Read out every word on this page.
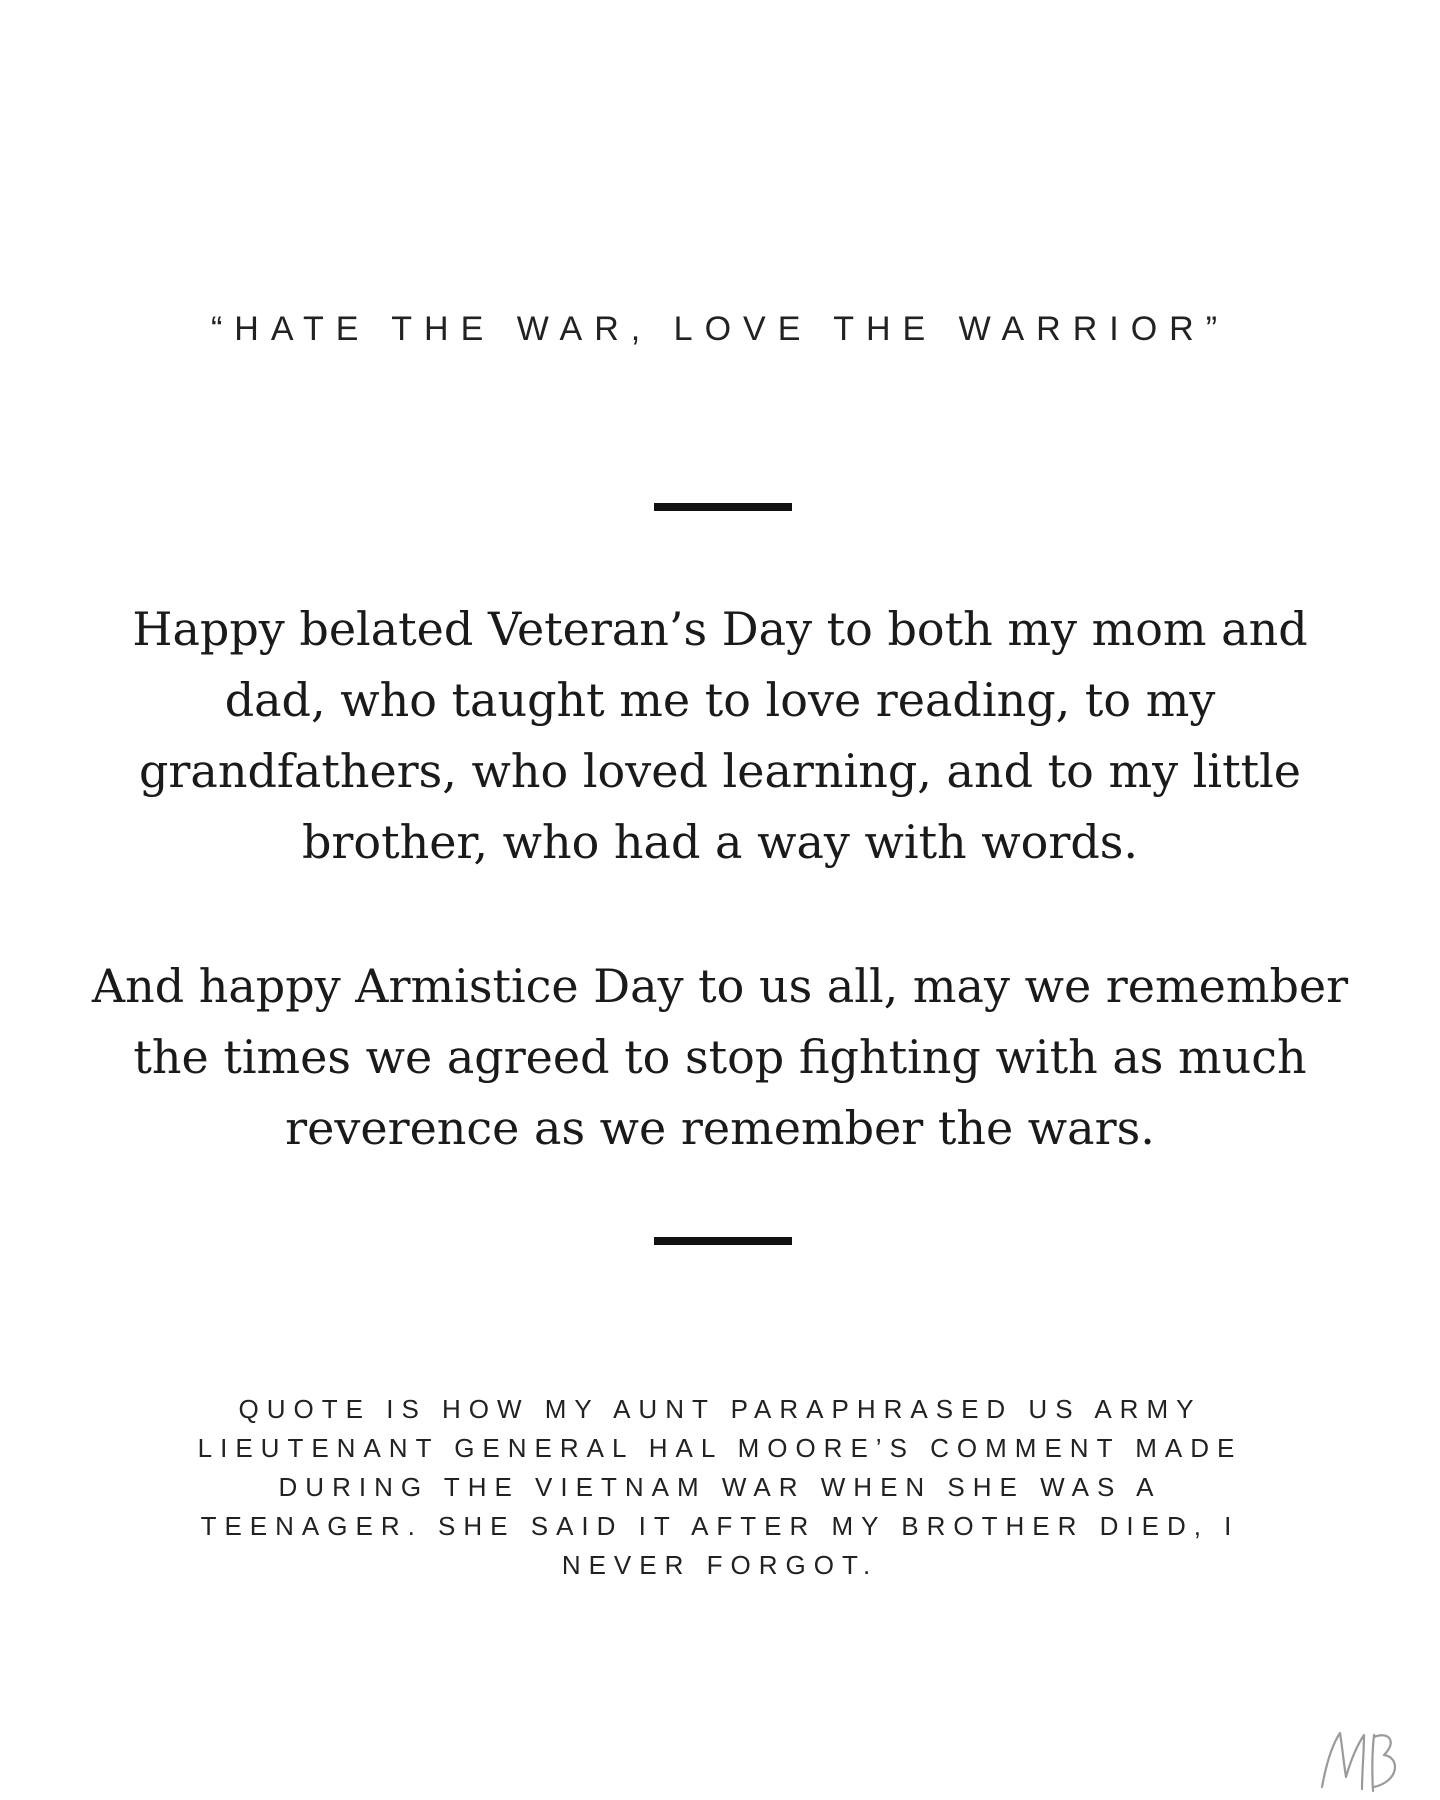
“HATE THE WAR, LOVE THE WARRIOR”
Happy belated Veteran’s Day to both my mom and dad, who taught me to love reading, to my grandfathers, who loved learning, and to my little brother, who had a way with words.
And happy Armistice Day to us all, may we remember the times we agreed to stop fighting with as much reverence as we remember the wars.
QUOTE IS HOW MY AUNT PARAPHRASED US ARMY LIEUTENANT GENERAL HAL MOORE’S COMMENT MADE DURING THE VIETNAM WAR WHEN SHE WAS A TEENAGER. SHE SAID IT AFTER MY BROTHER DIED, I NEVER FORGOT.
